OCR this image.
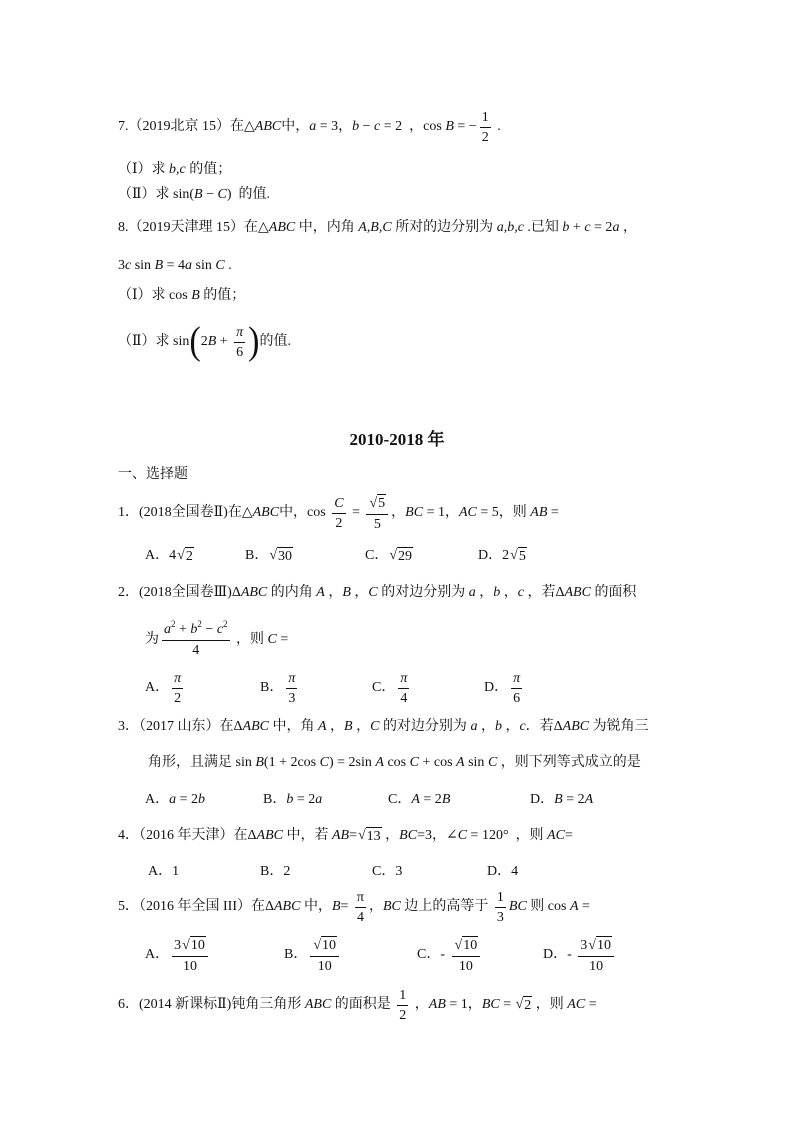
7.（2019北京 15）在△ ABC 中， a = 3， b − c = 2  ，cos B = − $\frac{1}{2}$ .
（Ⅰ）求 b,c 的值；
（Ⅱ）求 sin( B − C )  的值.
8.（2019天津理 15）在△ ABC 中，内角 A,B,C 所对的边分别为 a,b,c .已知 b + c = 2 a ，
3 c sin B = 4 a sin C .
（Ⅰ）求 cos B 的值；
（Ⅱ）求 sin ( 2 $B + \frac{\pi}{6}$ ) 的值.
2010-2018 年
一、选择题
1．(2018全国卷Ⅱ)在△ ABC 中，$\cos \frac{C}{2} = \frac{√ 5}{5}$ ， BC = 1， AC = 5，则 AB =
A． 4 √ 2	B． √ 30	C． √ 29	D． 2 √ 5
2．(2018全国卷Ⅲ)Δ ABC 的内角 A ， B ， C 的对边分别为 a ， b ， c ，若Δ ABC 的面积
为 $\frac{a 2 + b 2 - c 2}{4}$ ，则 C =
A． $\frac{\pi}{2}$	B． $\frac{\pi}{3}$	C． $\frac{\pi}{4}$	D． $\frac{\pi}{6}$
3．（2017 山东）在Δ ABC 中，角 A ， B ， C 的对边分别为 a ， b ， c ．若Δ ABC 为锐角三
角形，且满足 sin B (1 + 2cos C ) = 2sin A cos C + cos A sin C ，则下列等式成立的是
A． a = 2 b	B． b = 2 a	C． A = 2 B	D． B = 2 A
4．（2016 年天津）在Δ ABC 中，若 AB = √ 13 ， BC =3，∠ C = 120°  ，则 AC =
A． 1	B． 2	C． 3	D． 4
5．（2016 年全国 III）在Δ ABC 中， $B = \frac{\pi}{4}$ ， BC 边上的高等于 $\frac{1}{3}$ BC 则 cos A =
A． $\frac{3 √ 10}{10}$	B． $\frac{√ 10}{10}$	C．- $\frac{√ 10}{10}$	D．- $\frac{3 √ 10}{10}$
6．(2014 新课标Ⅱ)钝角三角形 ABC 的面积是 $\frac{1}{2}$ ， AB = 1， BC = √ 2 ，则 AC =
